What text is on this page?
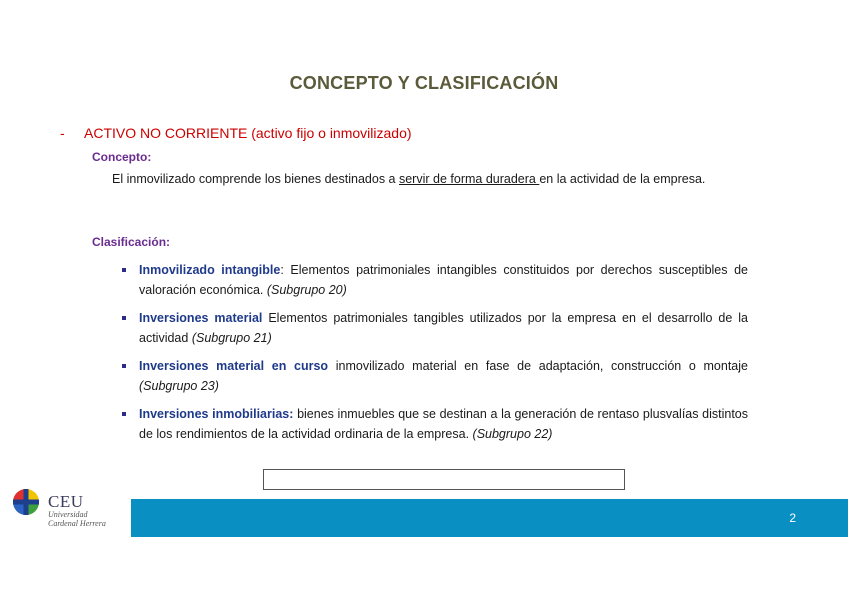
CONCEPTO Y CLASIFICACIÓN
- ACTIVO NO CORRIENTE (activo fijo o inmovilizado)
Concepto:
El inmovilizado comprende los bienes destinados a servir de forma duradera en la actividad de la empresa.
Clasificación:
Inmovilizado intangible: Elementos patrimoniales intangibles constituidos por derechos susceptibles de valoración económica. (Subgrupo 20)
Inversiones material Elementos patrimoniales tangibles utilizados por la empresa en el desarrollo de la actividad (Subgrupo 21)
Inversiones material en curso inmovilizado material en fase de adaptación, construcción o montaje (Subgrupo 23)
Inversiones inmobiliarias: bienes inmuebles que se destinan a la generación de rentaso plusvalías distintos de los rendimientos de la actividad ordinaria de la empresa. (Subgrupo 22)
CEU
Universidad
Cardenal Herrera	2
